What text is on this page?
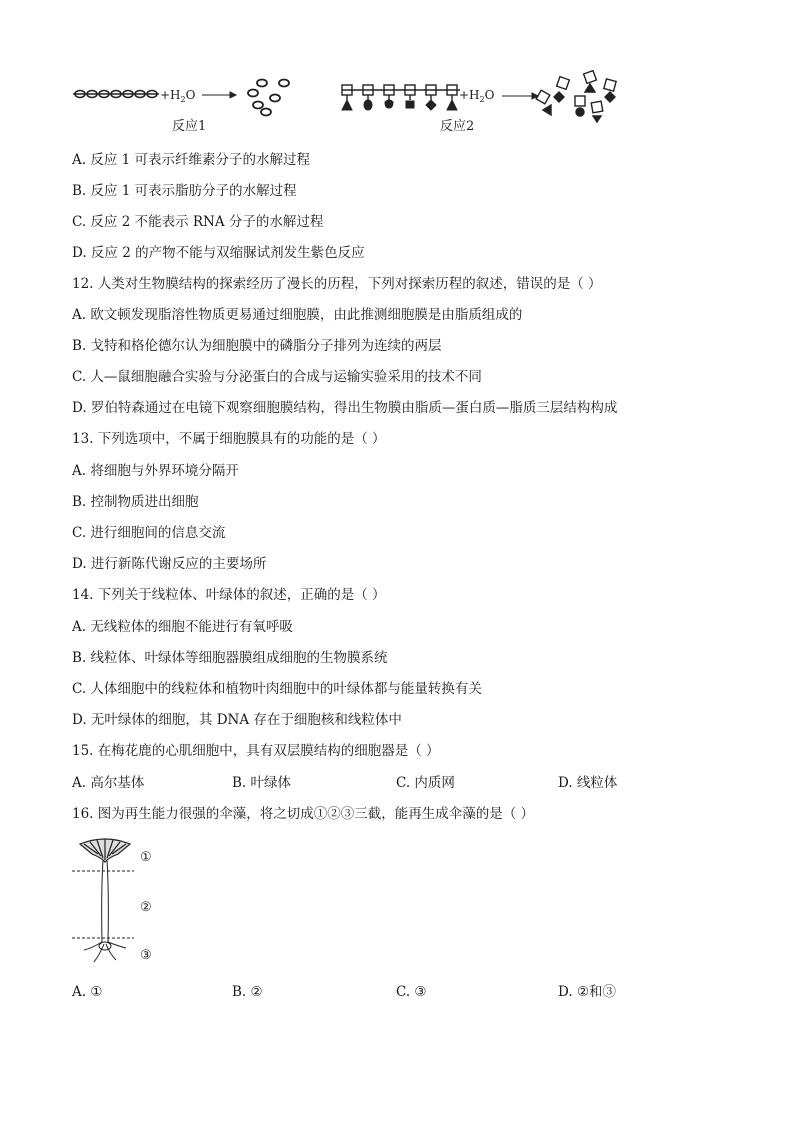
$+H_2O$
反应1
$+H_2O$
反应2
A. 反应 1 可表示纤维素分子的水解过程
B. 反应 1 可表示脂肪分子的水解过程
C. 反应 2 不能表示 RNA 分子的水解过程
D. 反应 2 的产物不能与双缩脲试剂发生紫色反应
12. 人类对生物膜结构的探索经历了漫长的历程，下列对探索历程的叙述，错误的是（ ）
A. 欧文顿发现脂溶性物质更易通过细胞膜，由此推测细胞膜是由脂质组成的
B. 戈特和格伦德尔认为细胞膜中的磷脂分子排列为连续的两层
C. 人—鼠细胞融合实验与分泌蛋白的合成与运输实验采用的技术不同
D. 罗伯特森通过在电镜下观察细胞膜结构，得出生物膜由脂质—蛋白质—脂质三层结构构成
13. 下列选项中，不属于细胞膜具有的功能的是（ ）
A. 将细胞与外界环境分隔开
B. 控制物质进出细胞
C. 进行细胞间的信息交流
D. 进行新陈代谢反应的主要场所
14. 下列关于线粒体、叶绿体的叙述，正确的是（ ）
A. 无线粒体的细胞不能进行有氧呼吸
B. 线粒体、叶绿体等细胞器膜组成细胞的生物膜系统
C. 人体细胞中的线粒体和植物叶肉细胞中的叶绿体都与能量转换有关
D. 无叶绿体的细胞，其 DNA 存在于细胞核和线粒体中
15. 在梅花鹿的心肌细胞中，具有双层膜结构的细胞器是（ ）
A. 高尔基体	B. 叶绿体	C. 内质网	D. 线粒体
16. 图为再生能力很强的伞藻，将之切成①②③三截，能再生成伞藻的是（ ）
①
②
③
A. ①	B. ②	C. ③	D. ②和③
